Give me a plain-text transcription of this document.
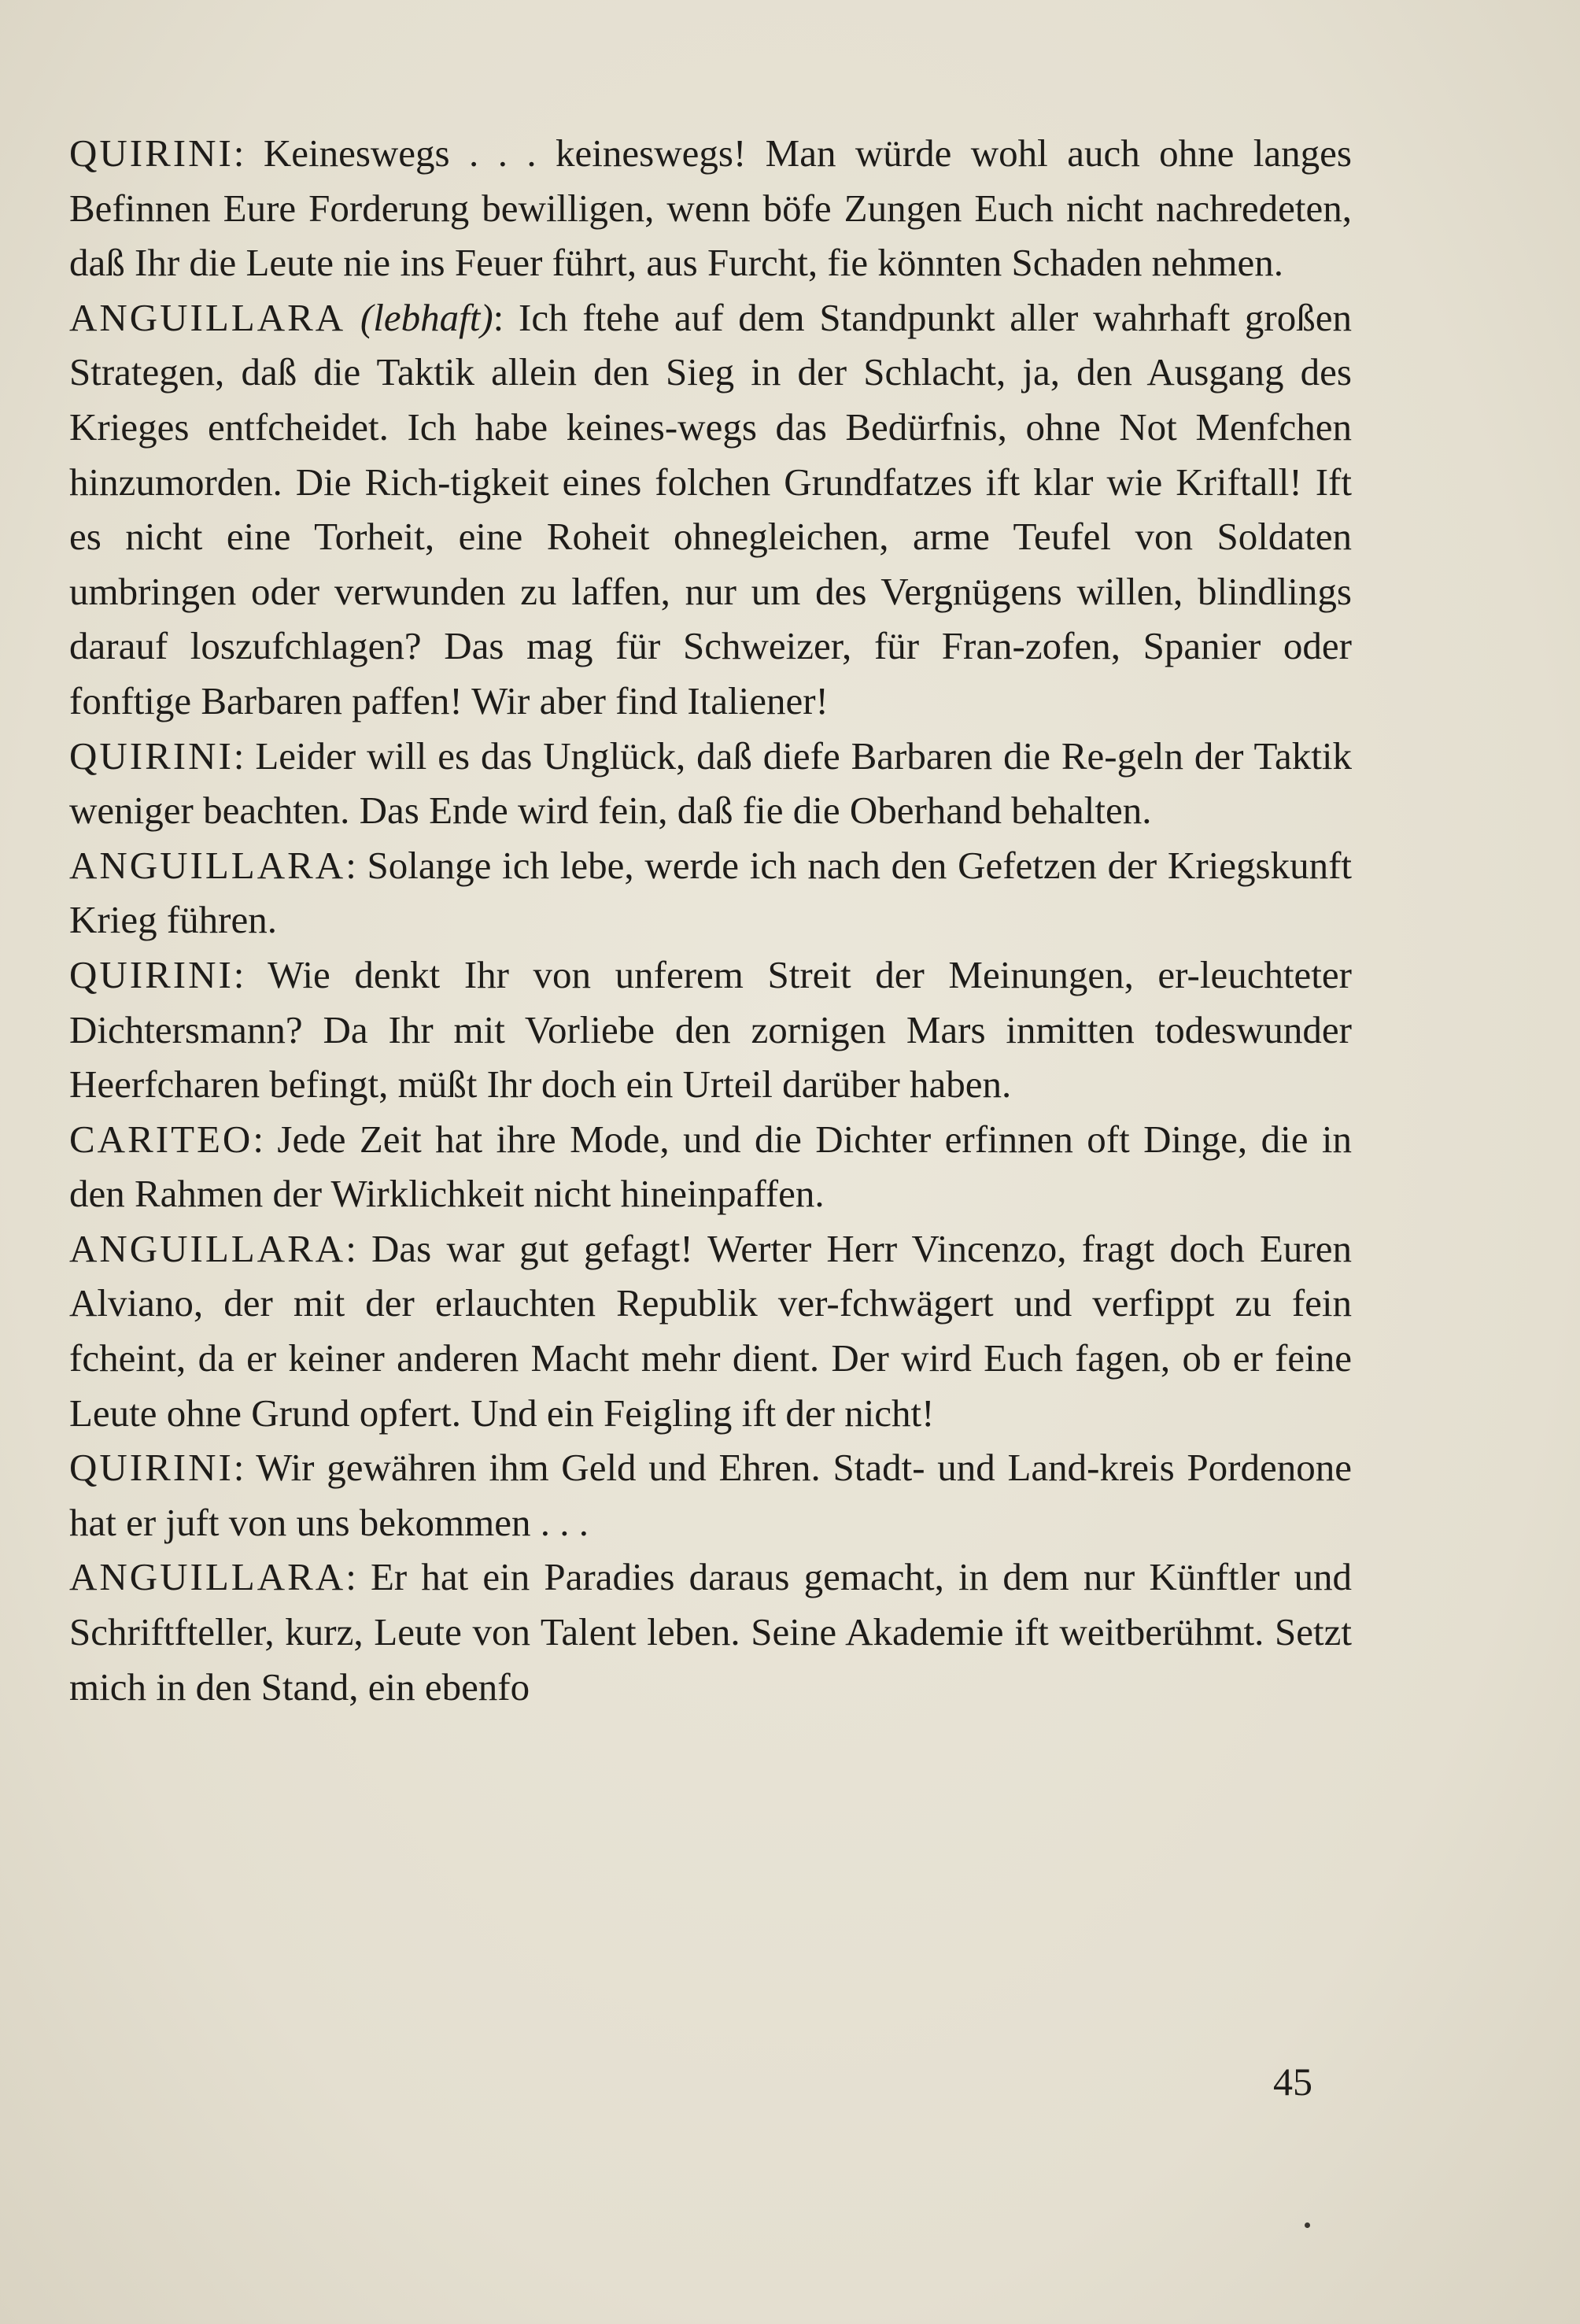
QUIRINI: Keineswegs . . . keineswegs! Man würde wohl auch ohne langes Befinnen Eure Forderung bewilligen, wenn böfe Zungen Euch nicht nachredeten, daß Ihr die Leute nie ins Feuer führt, aus Furcht, fie könnten Schaden nehmen.

ANGUILLARA (lebhaft): Ich ftehe auf dem Standpunkt aller wahrhaft großen Strategen, daß die Taktik allein den Sieg in der Schlacht, ja, den Ausgang des Krieges entfcheidet. Ich habe keines-wegs das Bedürfnis, ohne Not Menfchen hinzumorden. Die Rich-tigkeit eines folchen Grundfatzes ift klar wie Kriftall! Ift es nicht eine Torheit, eine Roheit ohnegleichen, arme Teufel von Soldaten umbringen oder verwunden zu laffen, nur um des Vergnügens willen, blindlings darauf loszufchlagen? Das mag für Schweizer, für Fran-zofen, Spanier oder fonftige Barbaren paffen! Wir aber find Italiener!

QUIRINI: Leider will es das Unglück, daß diefe Barbaren die Re-geln der Taktik weniger beachten. Das Ende wird fein, daß fie die Oberhand behalten.

ANGUILLARA: Solange ich lebe, werde ich nach den Gefetzen der Kriegskunft Krieg führen.

QUIRINI: Wie denkt Ihr von unferem Streit der Meinungen, er-leuchteter Dichtersmann? Da Ihr mit Vorliebe den zornigen Mars inmitten todeswunder Heerfcharen befingt, müßt Ihr doch ein Urteil darüber haben.

CARITEO: Jede Zeit hat ihre Mode, und die Dichter erfinnen oft Dinge, die in den Rahmen der Wirklichkeit nicht hineinpaffen.

ANGUILLARA: Das war gut gefagt! Werter Herr Vincenzo, fragt doch Euren Alviano, der mit der erlauchten Republik ver-fchwägert und verfippt zu fein fcheint, da er keiner anderen Macht mehr dient. Der wird Euch fagen, ob er feine Leute ohne Grund opfert. Und ein Feigling ift der nicht!

QUIRINI: Wir gewähren ihm Geld und Ehren. Stadt- und Land-kreis Pordenone hat er juft von uns bekommen . . .

ANGUILLARA: Er hat ein Paradies daraus gemacht, in dem nur Künftler und Schriftfteller, kurz, Leute von Talent leben. Seine Akademie ift weitberühmt. Setzt mich in den Stand, ein ebenfo

45
